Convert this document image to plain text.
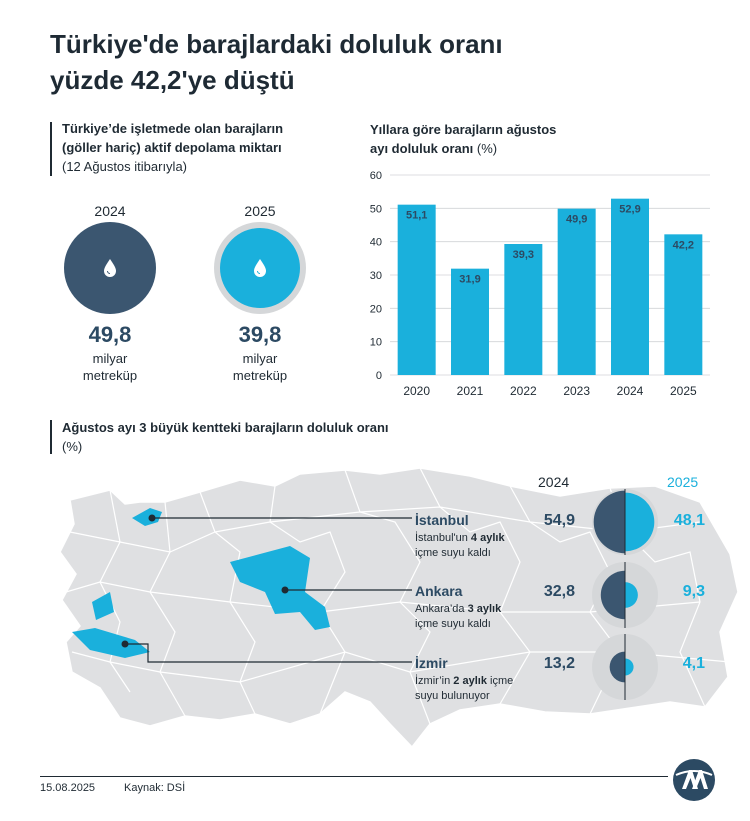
Türkiye'de barajlardaki doluluk oranı
yüzde 42,2'ye düştü
Türkiye’de işletmede olan barajların
(göller hariç) aktif depolama miktarı
(12 Ağustos itibarıyla)
2024	2025
49,8
milyar
metreküp
39,8
milyar
metreküp
Yıllara göre barajların ağustos
ayı doluluk oranı (%)
0
10
20
30
40
50
60
51,1
2020
31,9
2021
39,3
2022
49,9
2023
52,9
2024
42,2
2025
Ağustos ayı 3 büyük kentteki barajların doluluk oranı
(%)
2024	2025
İstanbul
İstanbul'un 4 aylık
içme suyu kaldı
54,9	48,1
Ankara
Ankara’da 3 aylık
içme suyu kaldı
32,8	9,3
İzmir
İzmir’in 2 aylık içme
suyu bulunuyor
13,2	4,1
15.08.2025	Kaynak: DSİ
